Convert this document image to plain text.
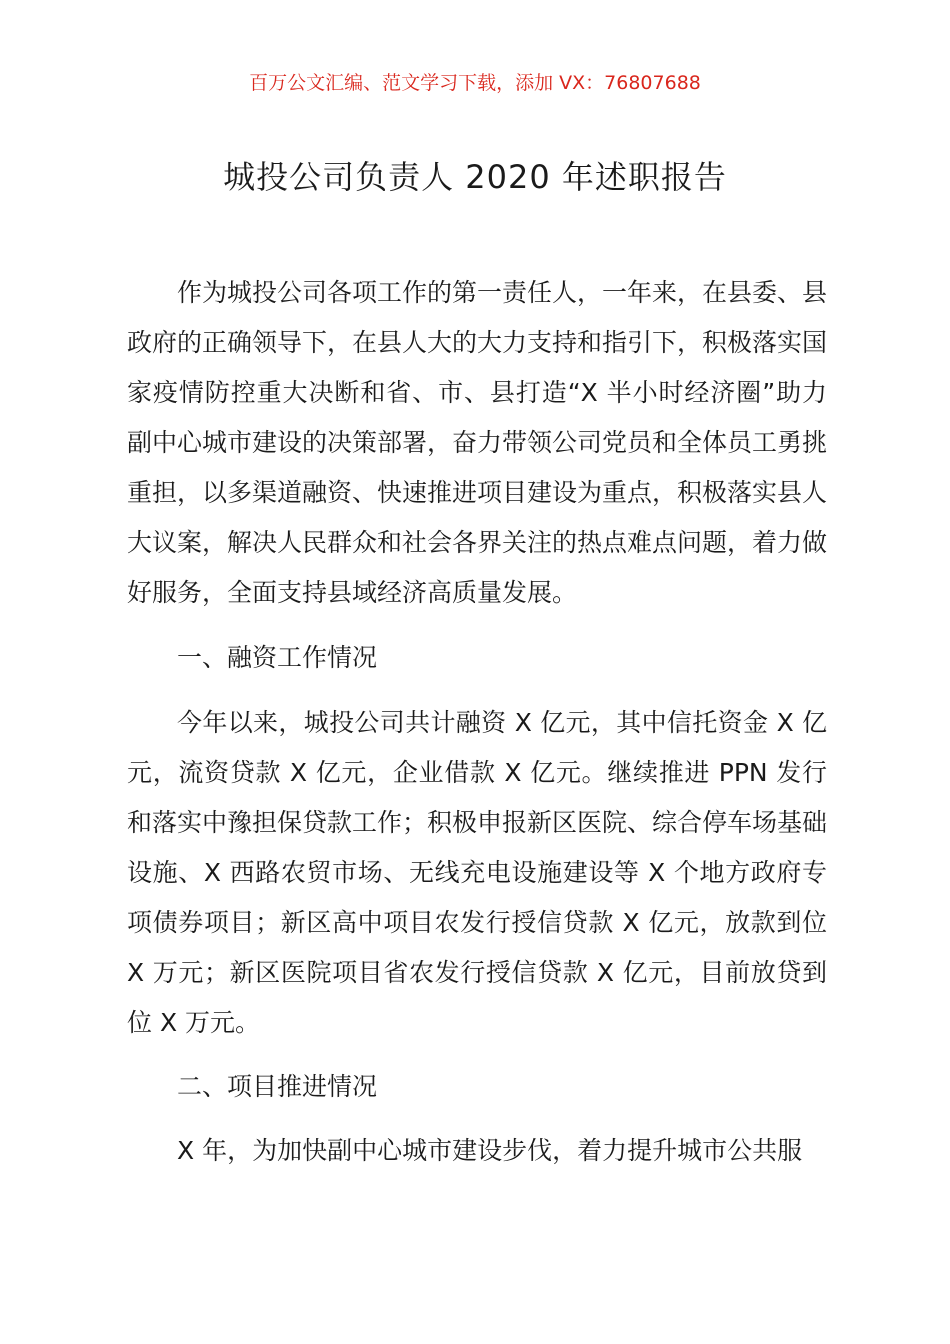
百万公文汇编、范文学习下载，添加 VX：76807688
城投公司负责人 2020 年述职报告

作为城投公司各项工作的第一责任人，一年来，在县委、县政府的正确领导下，在县人大的大力支持和指引下，积极落实国家疫情防控重大决断和省、市、县打造“X 半小时经济圈”助力副中心城市建设的决策部署，奋力带领公司党员和全体员工勇挑重担，以多渠道融资、快速推进项目建设为重点，积极落实县人大议案，解决人民群众和社会各界关注的热点难点问题，着力做好服务，全面支持县域经济高质量发展。

一、融资工作情况

今年以来，城投公司共计融资 X 亿元，其中信托资金 X 亿元，流资贷款 X 亿元，企业借款 X 亿元。继续推进 PPN 发行和落实中豫担保贷款工作；积极申报新区医院、综合停车场基础设施、X 西路农贸市场、无线充电设施建设等 X 个地方政府专项债券项目；新区高中项目农发行授信贷款 X 亿元，放款到位 X 万元；新区医院项目省农发行授信贷款 X 亿元，目前放贷到位 X 万元。

二、项目推进情况

X 年，为加快副中心城市建设步伐，着力提升城市公共服
